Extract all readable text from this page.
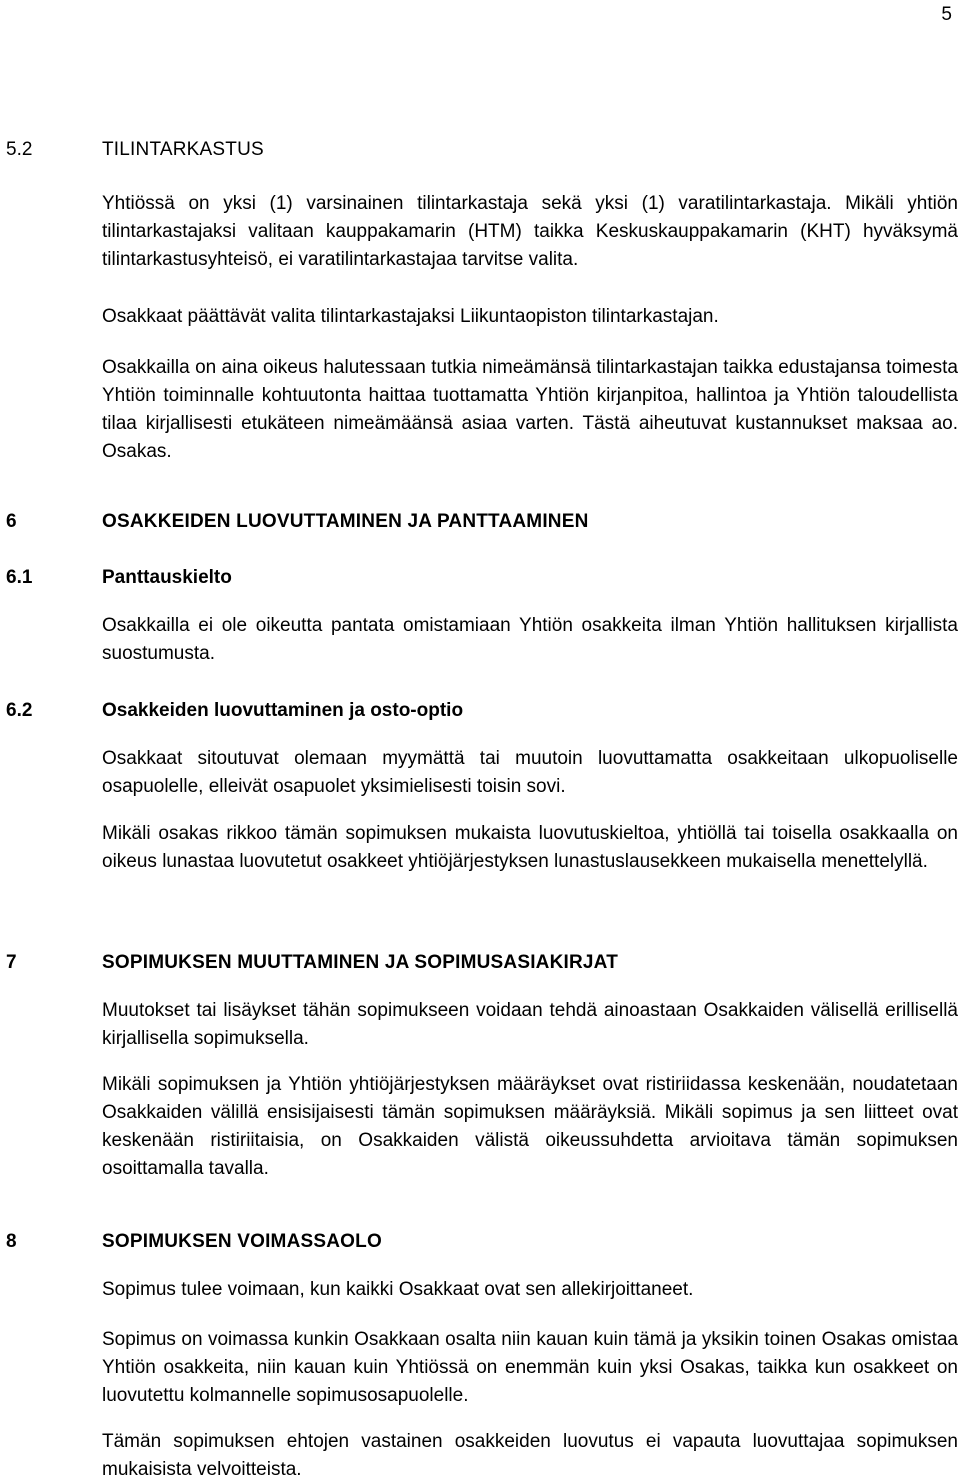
5
5.2	TILINTARKASTUS
Yhtiössä on yksi (1) varsinainen tilintarkastaja sekä yksi (1) varatilintarkastaja. Mikäli yhtiön tilintarkastajaksi valitaan kauppakamarin (HTM) taikka Keskuskauppakamarin (KHT) hyväksymä tilintarkastusyhteisö, ei varatilintarkastajaa tarvitse valita.
Osakkaat päättävät valita tilintarkastajaksi Liikuntaopiston tilintarkastajan.
Osakkailla on aina oikeus halutessaan tutkia nimeämänsä tilintarkastajan taikka edustajansa toimesta Yhtiön toiminnalle kohtuutonta haittaa tuottamatta Yhtiön kirjanpitoa, hallintoa ja Yhtiön taloudellista tilaa kirjallisesti etukäteen nimeämäänsä asiaa varten. Tästä aiheutuvat kustannukset maksaa ao. Osakas.
6	OSAKKEIDEN LUOVUTTAMINEN JA PANTTAAMINEN
6.1	Panttauskielto
Osakkailla ei ole oikeutta pantata omistamiaan Yhtiön osakkeita ilman Yhtiön hallituksen kirjallista suostumusta.
6.2	Osakkeiden luovuttaminen ja osto-optio
Osakkaat sitoutuvat olemaan myymättä tai muutoin luovuttamatta osakkeitaan ulkopuoliselle osapuolelle, elleivät osapuolet yksimielisesti toisin sovi.
Mikäli osakas rikkoo tämän sopimuksen mukaista luovutuskieltoa, yhtiöllä tai toisella osakkaalla on oikeus lunastaa luovutetut osakkeet yhtiöjärjestyksen lunastuslausekkeen mukaisella menettelyllä.
7	SOPIMUKSEN MUUTTAMINEN JA SOPIMUSASIAKIRJAT
Muutokset tai lisäykset tähän sopimukseen voidaan tehdä ainoastaan Osakkaiden välisellä erillisellä kirjallisella sopimuksella.
Mikäli sopimuksen ja Yhtiön yhtiöjärjestyksen määräykset ovat ristiriidassa keskenään, noudatetaan Osakkaiden välillä ensisijaisesti tämän sopimuksen määräyksiä. Mikäli sopimus ja sen liitteet ovat keskenään ristiriitaisia, on Osakkaiden välistä oikeussuhdetta arvioitava tämän sopimuksen osoittamalla tavalla.
8	SOPIMUKSEN VOIMASSAOLO
Sopimus tulee voimaan, kun kaikki Osakkaat ovat sen allekirjoittaneet.
Sopimus on voimassa kunkin Osakkaan osalta niin kauan kuin tämä ja yksikin toinen Osakas omistaa Yhtiön osakkeita, niin kauan kuin Yhtiössä on enemmän kuin yksi Osakas, taikka kun osakkeet on luovutettu kolmannelle sopimusosapuolelle.
Tämän sopimuksen ehtojen vastainen osakkeiden luovutus ei vapauta luovuttajaa sopimuksen mukaisista velvoitteista.
